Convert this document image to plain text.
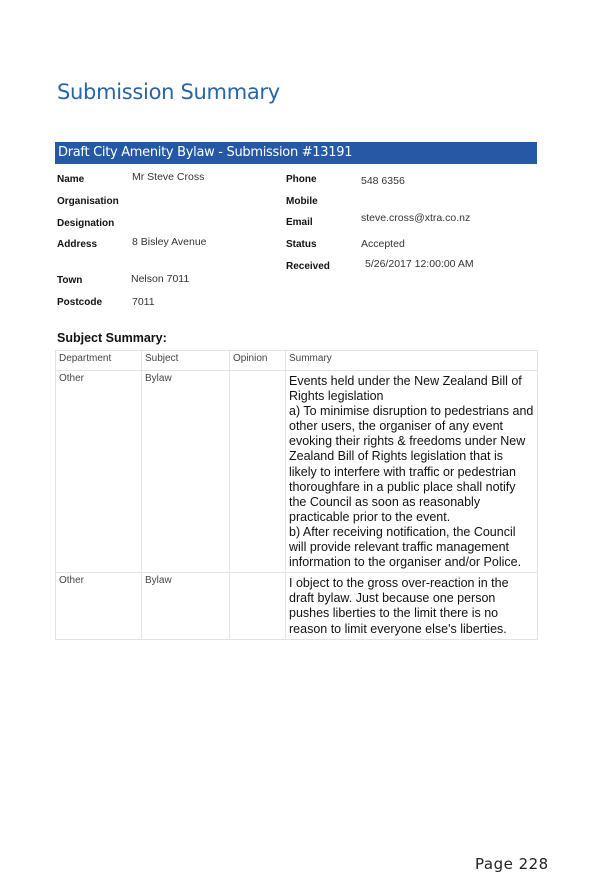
Submission Summary
Draft City Amenity Bylaw - Submission #13191
Name	Mr Steve Cross
Organisation
Designation
Address	8 Bisley Avenue
Town	Nelson 7011
Postcode	7011
Phone	548 6356
Mobile
Email	steve.cross@xtra.co.nz
Status	Accepted
Received	5/26/2017 12:00:00 AM
Subject Summary:
Department	Subject	Opinion	Summary
Other	Bylaw		Events held under the New Zealand Bill of Rights legislation
a) To minimise disruption to pedestrians and other users, the organiser of any event evoking their rights & freedoms under New Zealand Bill of Rights legislation that is likely to interfere with traffic or pedestrian thoroughfare in a public place shall notify the Council as soon as reasonably practicable prior to the event.
b) After receiving notification, the Council will provide relevant traffic management information to the organiser and/or Police.

Other	Bylaw		I object to the gross over-reaction in the draft bylaw. Just because one person pushes liberties to the limit there is no reason to limit everyone else's liberties.
Page 228
